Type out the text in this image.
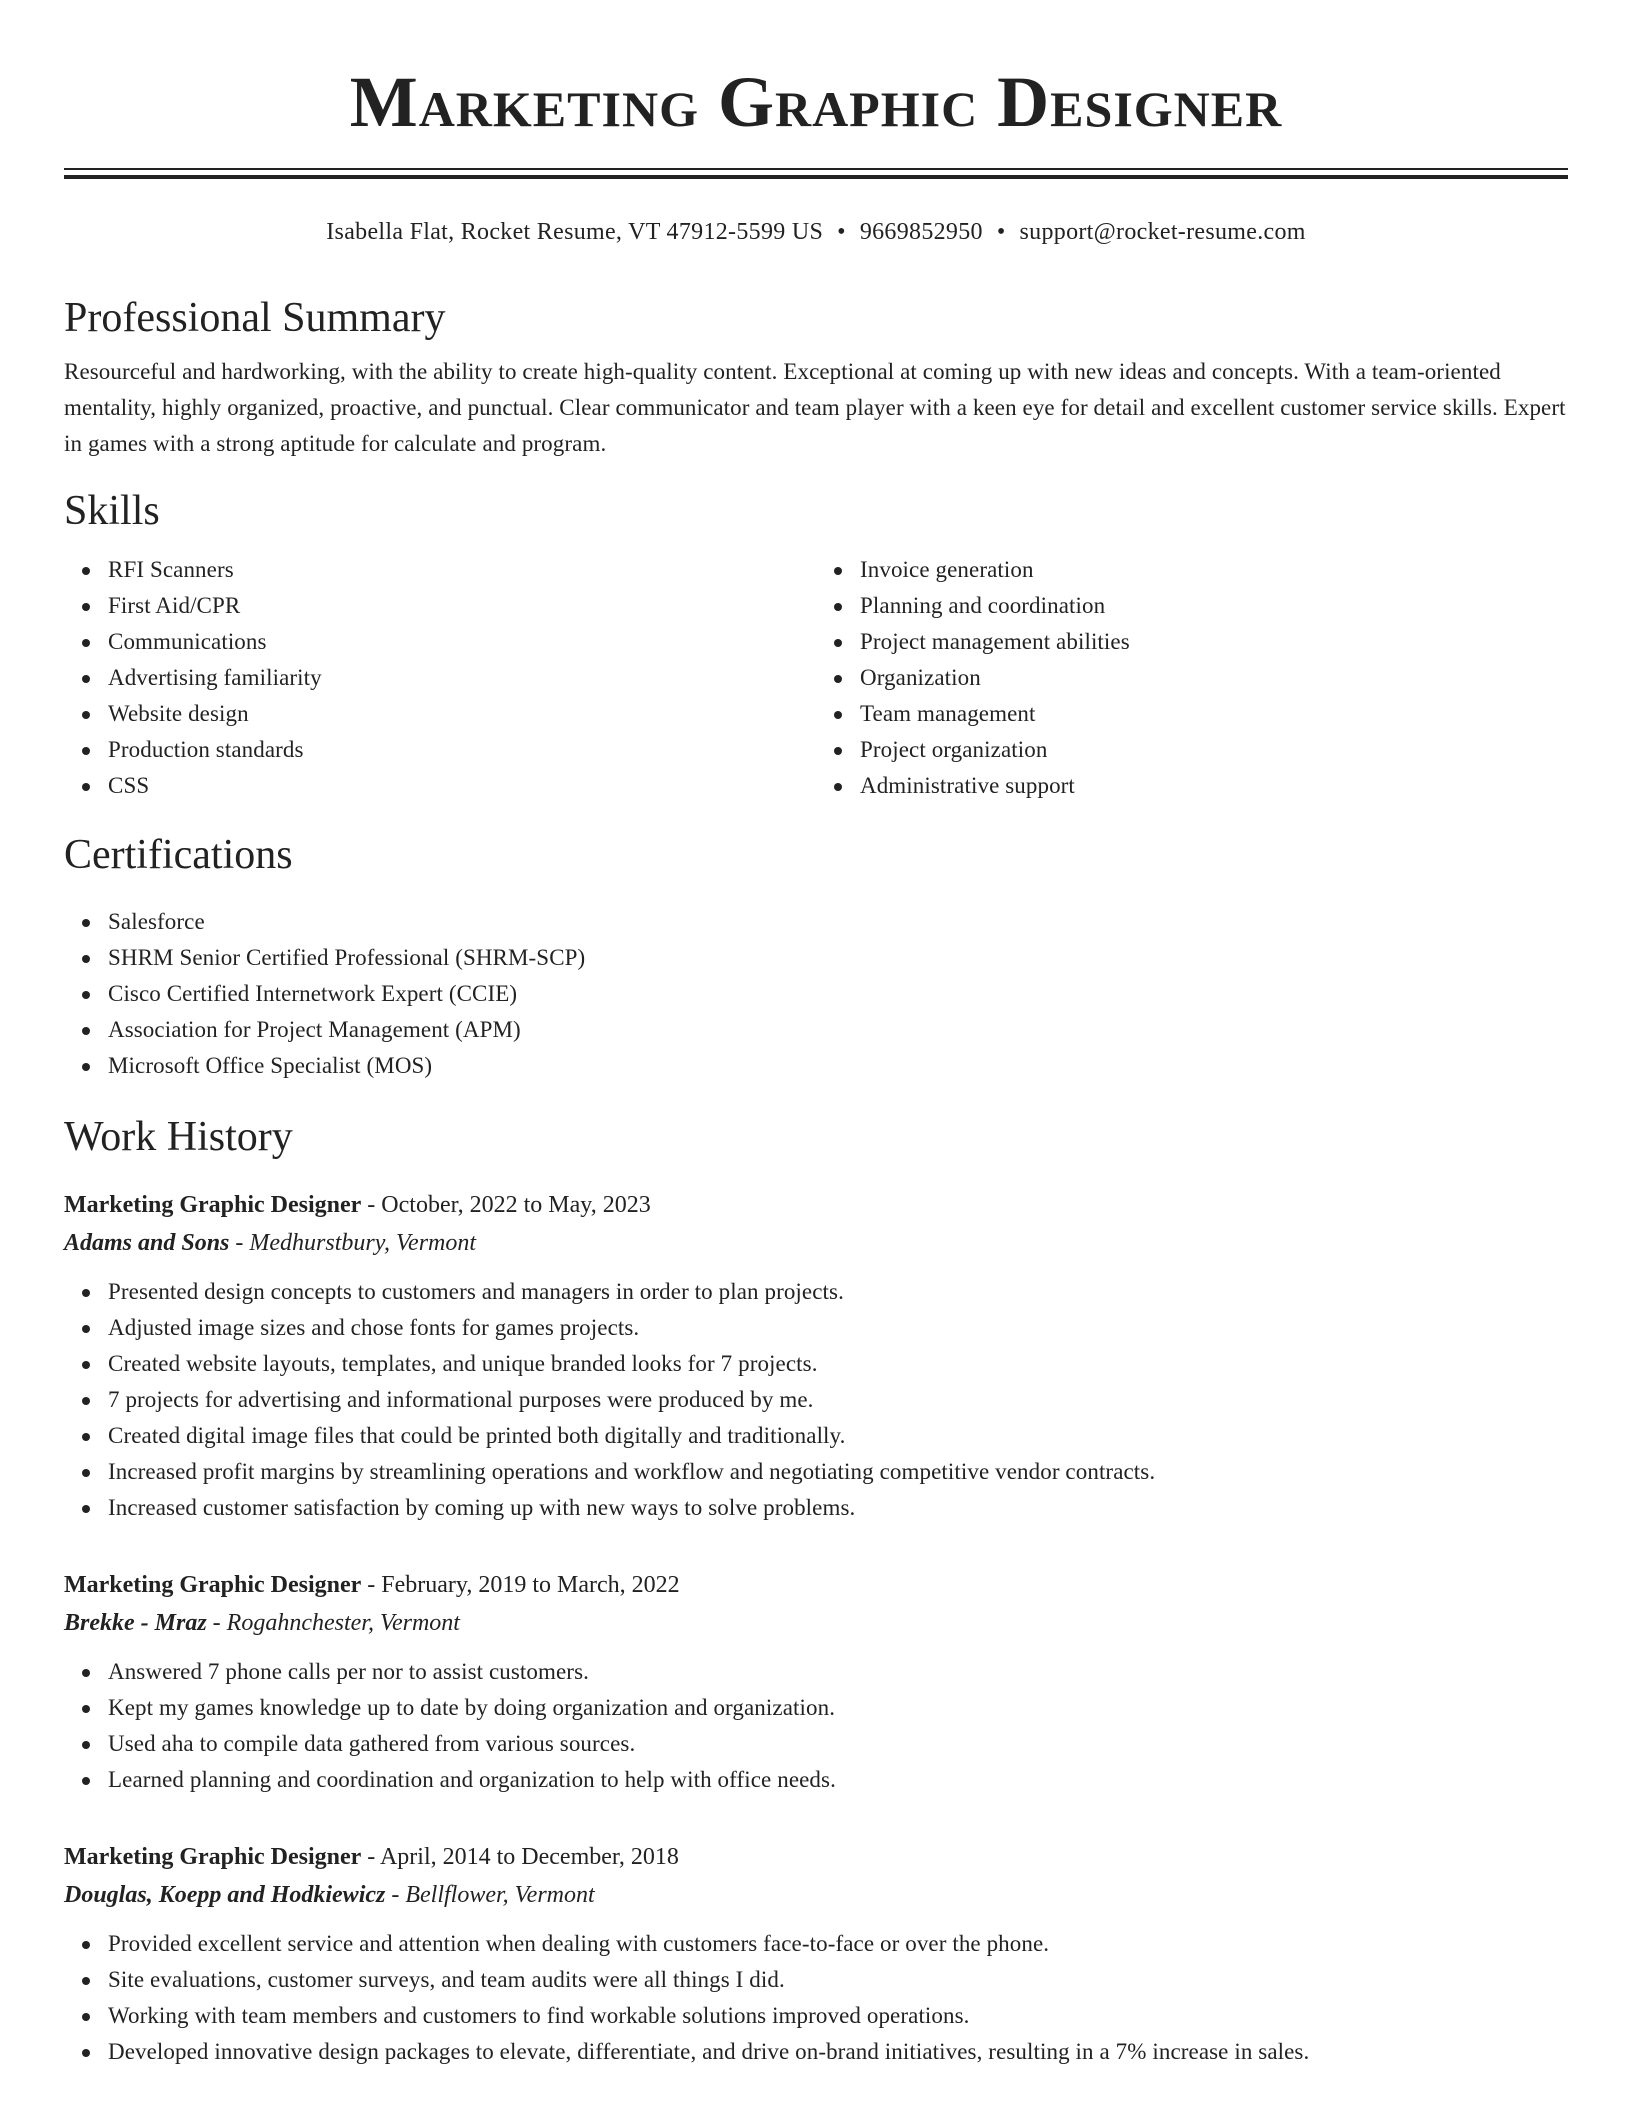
Marketing Graphic Designer
Isabella Flat, Rocket Resume, VT 47912-5599 US • 9669852950 • support@rocket-resume.com
Professional Summary

Resourceful and hardworking, with the ability to create high-quality content. Exceptional at coming up with new ideas and concepts. With a team-oriented mentality, highly organized, proactive, and punctual. Clear communicator and team player with a keen eye for detail and excellent customer service skills. Expert in games with a strong aptitude for calculate and program.

Skills
RFI Scanners
First Aid/CPR
Communications
Advertising familiarity
Website design
Production standards
CSS
Invoice generation
Planning and coordination
Project management abilities
Organization
Team management
Project organization
Administrative support
Certifications
Salesforce
SHRM Senior Certified Professional (SHRM-SCP)
Cisco Certified Internetwork Expert (CCIE)
Association for Project Management (APM)
Microsoft Office Specialist (MOS)
Work History
Marketing Graphic Designer - October, 2022 to May, 2023
Adams and Sons - Medhurstbury, Vermont
Presented design concepts to customers and managers in order to plan projects.
Adjusted image sizes and chose fonts for games projects.
Created website layouts, templates, and unique branded looks for 7 projects.
7 projects for advertising and informational purposes were produced by me.
Created digital image files that could be printed both digitally and traditionally.
Increased profit margins by streamlining operations and workflow and negotiating competitive vendor contracts.
Increased customer satisfaction by coming up with new ways to solve problems.
Marketing Graphic Designer - February, 2019 to March, 2022
Brekke - Mraz - Rogahnchester, Vermont
Answered 7 phone calls per nor to assist customers.
Kept my games knowledge up to date by doing organization and organization.
Used aha to compile data gathered from various sources.
Learned planning and coordination and organization to help with office needs.
Marketing Graphic Designer - April, 2014 to December, 2018
Douglas, Koepp and Hodkiewicz - Bellflower, Vermont
Provided excellent service and attention when dealing with customers face-to-face or over the phone.
Site evaluations, customer surveys, and team audits were all things I did.
Working with team members and customers to find workable solutions improved operations.
Developed innovative design packages to elevate, differentiate, and drive on-brand initiatives, resulting in a 7% increase in sales.
